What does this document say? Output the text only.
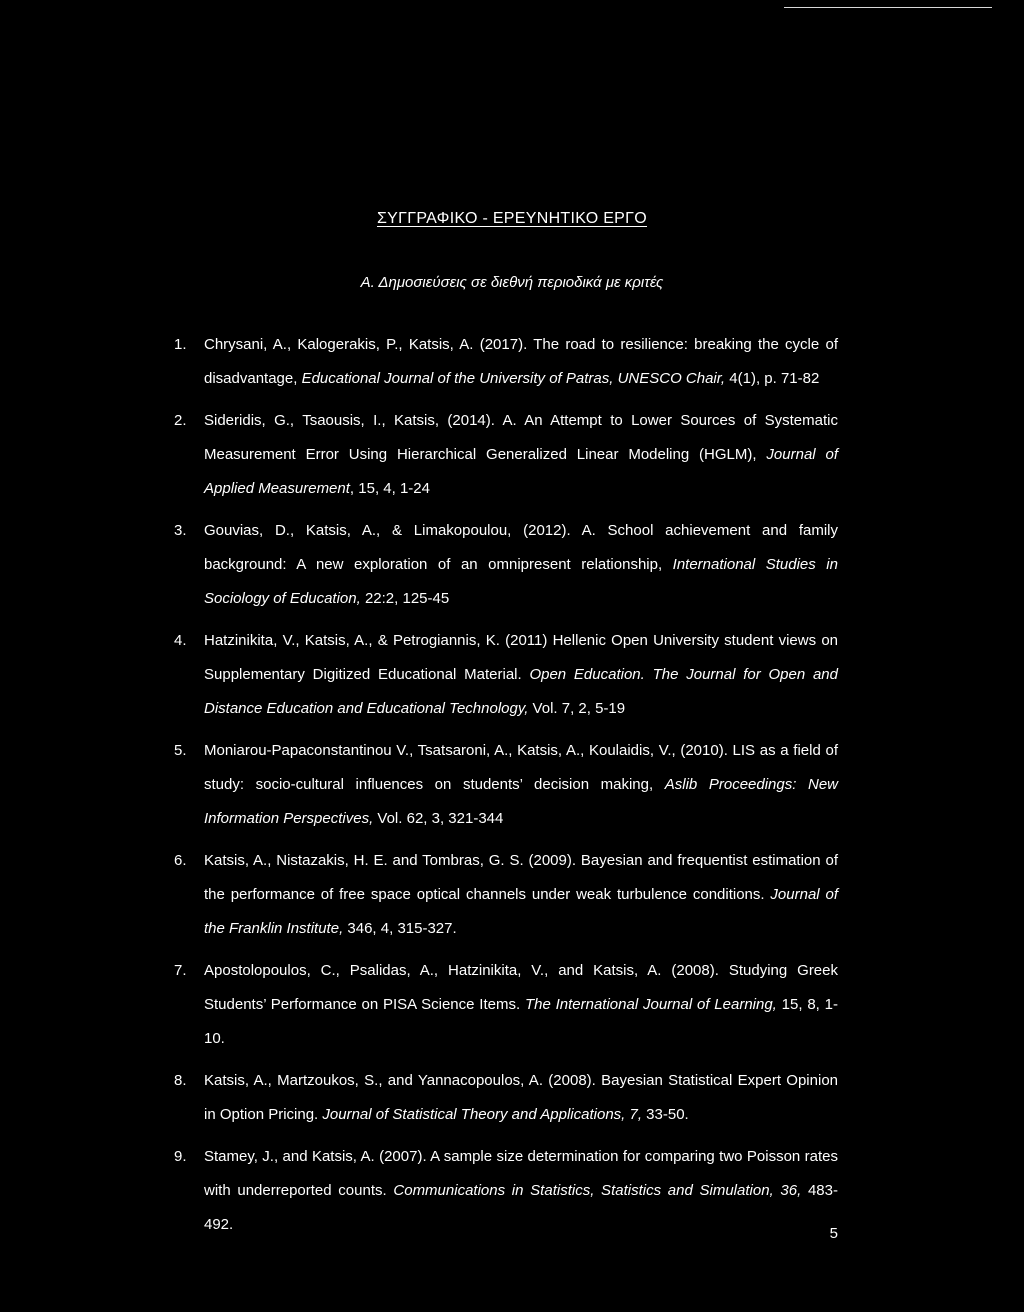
ΣΥΓΓΡΑΦΙΚΟ - ΕΡΕΥΝΗΤΙΚΟ ΕΡΓΟ
Α. Δημοσιεύσεις σε διεθνή περιοδικά με κριτές
1.	Chrysani, A., Kalogerakis, P., Katsis, A. (2017). The road to resilience: breaking the cycle of disadvantage, Educational Journal of the University of Patras, UNESCO Chair, 4(1), p. 71-82
2.	Sideridis, G., Tsaousis, I., Katsis, (2014). A. An Attempt to Lower Sources of Systematic Measurement Error Using Hierarchical Generalized Linear Modeling (HGLM), Journal of Applied Measurement, 15, 4, 1-24
3.	Gouvias, D., Katsis, A., & Limakopoulou, (2012). A. School achievement and family background: A new exploration of an omnipresent relationship, International Studies in Sociology of Education, 22:2, 125-45
4.	Hatzinikita, V., Katsis, A., & Petrogiannis, K. (2011) Hellenic Open University student views on Supplementary Digitized Educational Material. Open Education. The Journal for Open and Distance Education and Educational Technology, Vol. 7, 2, 5-19
5.	Moniarou-Papaconstantinou V., Tsatsaroni, A., Katsis, A., Koulaidis, V., (2010). LIS as a field of study: socio-cultural influences on students’ decision making, Aslib Proceedings: New Information Perspectives, Vol. 62, 3, 321-344
6.	Katsis, A., Nistazakis, H. E. and Tombras, G. S. (2009). Bayesian and frequentist estimation of the performance of free space optical channels under weak turbulence conditions. Journal of the Franklin Institute, 346, 4, 315-327.
7.	Apostolopoulos, C., Psalidas, A., Hatzinikita, V., and Katsis, A. (2008). Studying Greek Students’ Performance on PISA Science Items. The International Journal of Learning, 15, 8, 1-10.
8.	Katsis, A., Martzoukos, S., and Yannacopoulos, A. (2008). Bayesian Statistical Expert Opinion in Option Pricing. Journal of Statistical Theory and Applications, 7, 33-50.
9.	Stamey, J., and Katsis, A. (2007). A sample size determination for comparing two Poisson rates with underreported counts. Communications in Statistics, Statistics and Simulation, 36, 483-492.
5
